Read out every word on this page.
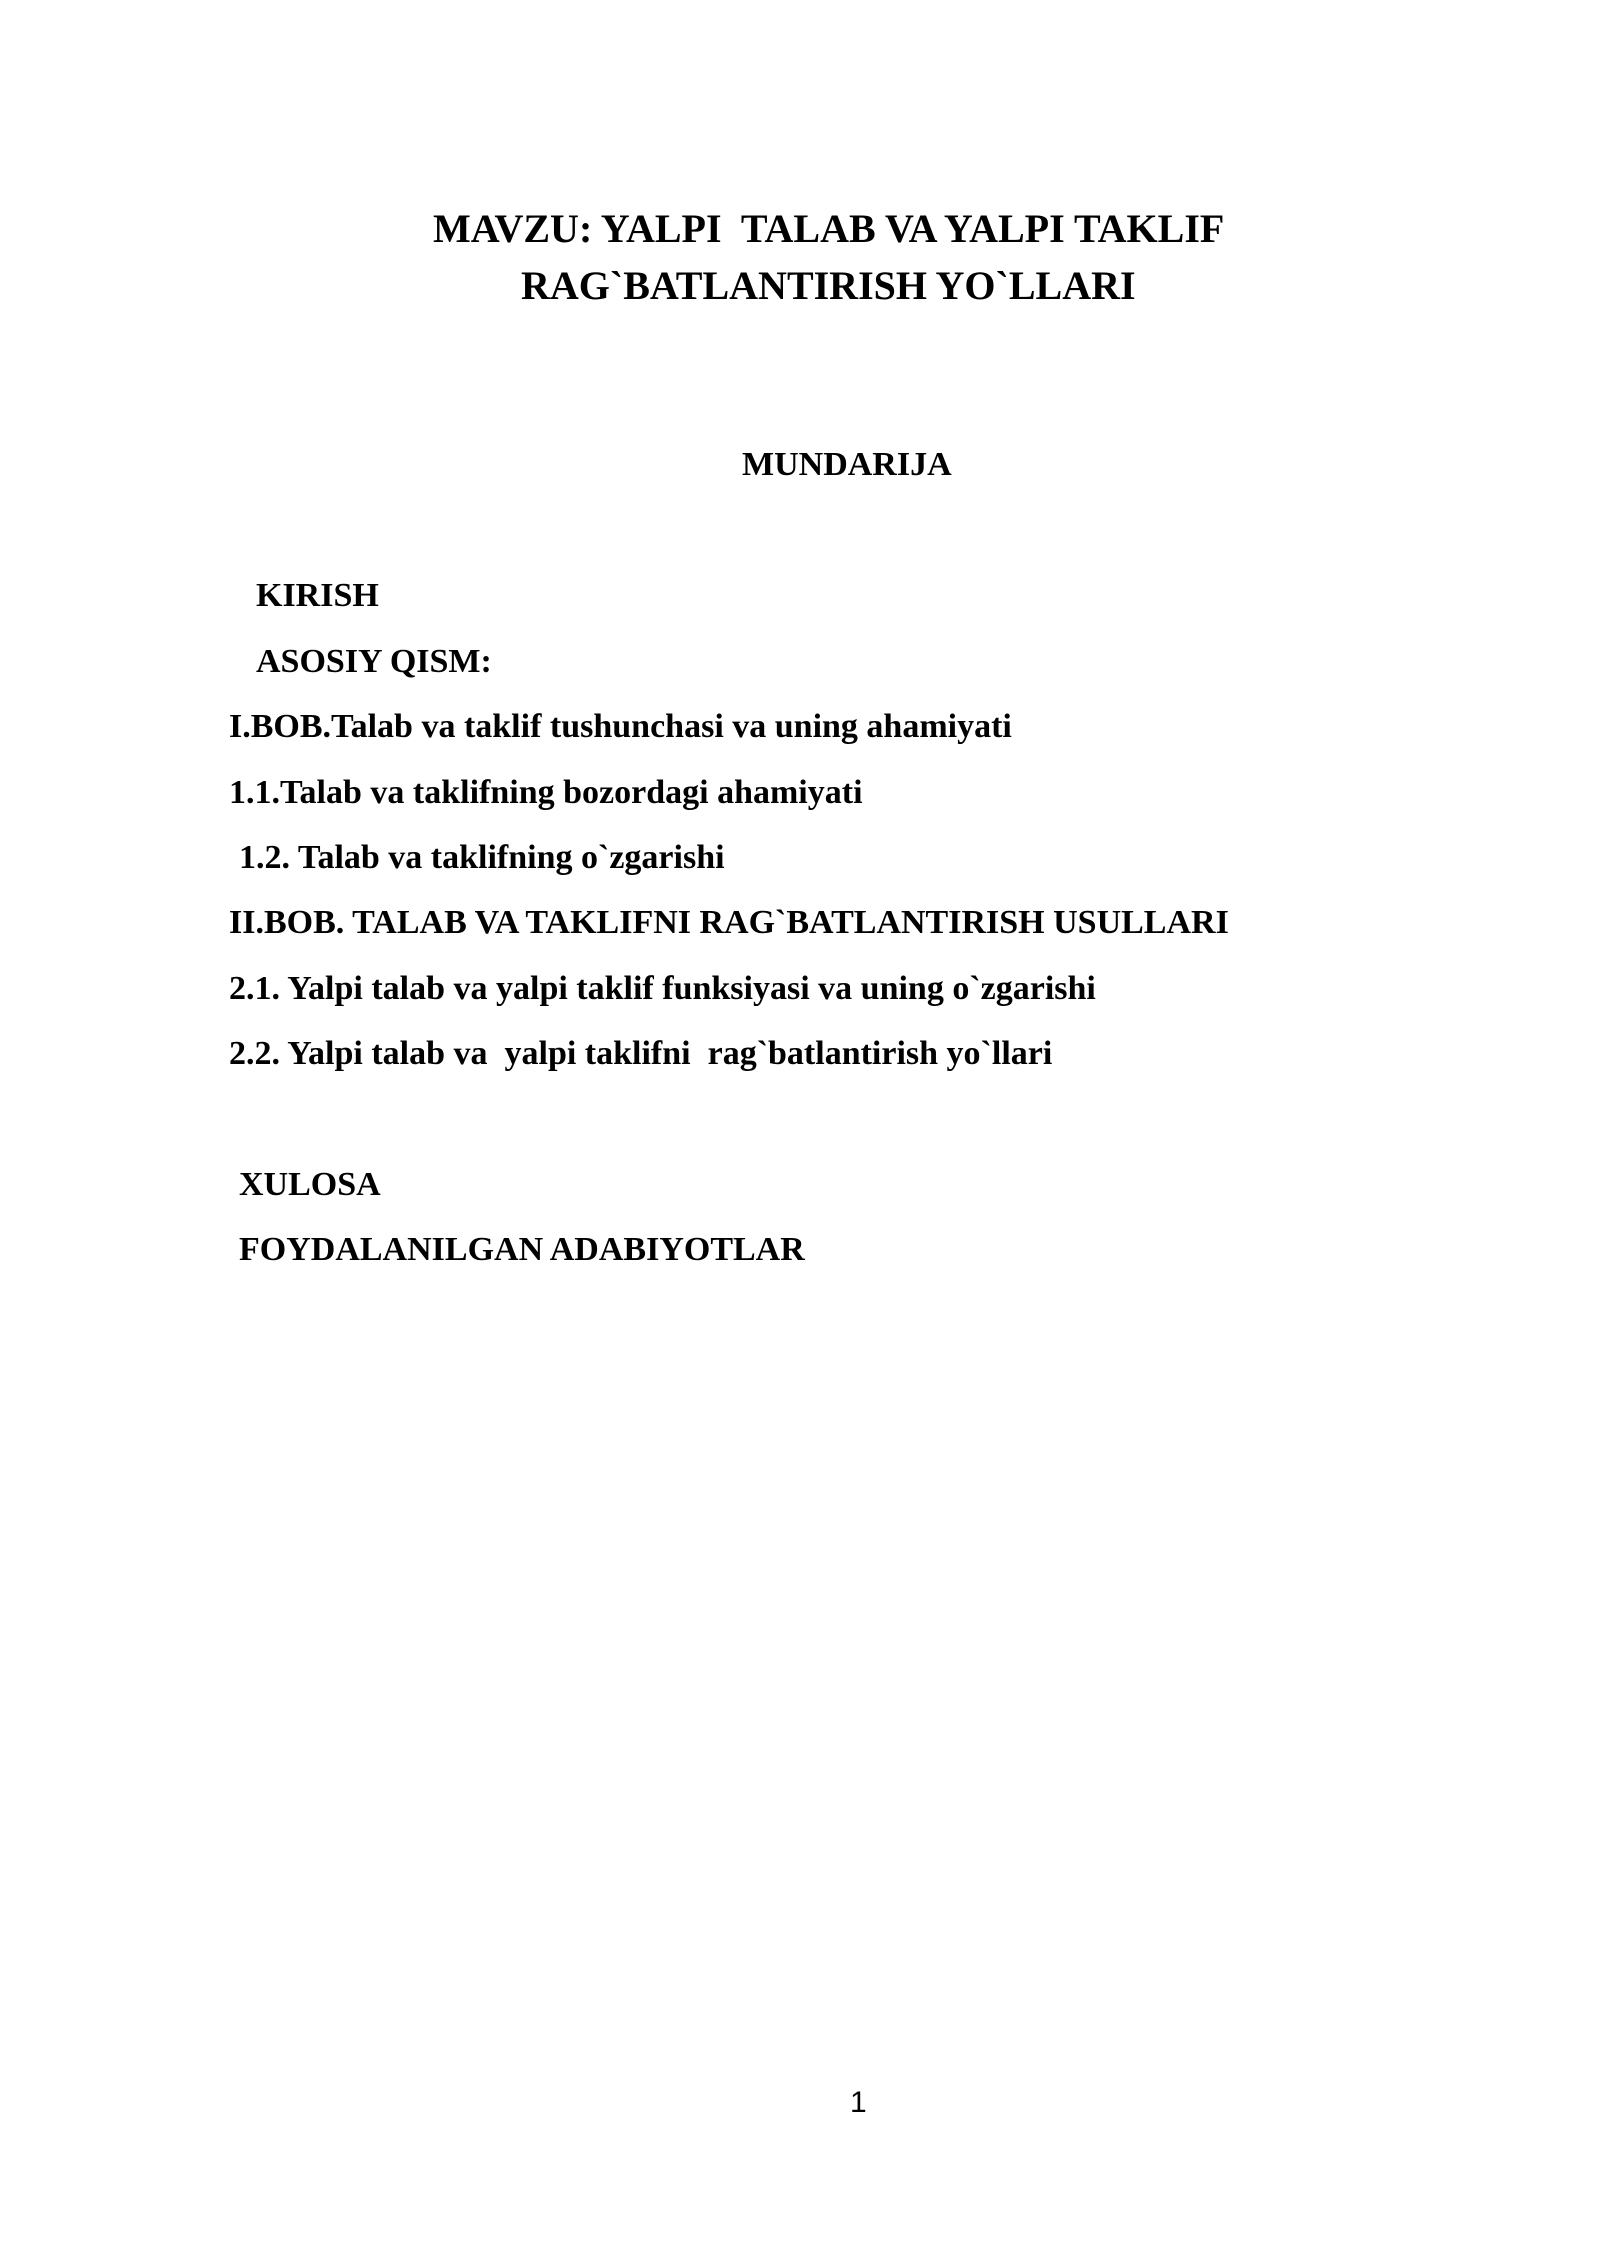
MAVZU: YALPI  TALAB VA YALPI TAKLIF
RAG`BATLANTIRISH YO`LLARI
MUNDARIJA
KIRISH
ASOSIY QISM:
I.BOB.Talab va taklif tushunchasi va uning ahamiyati
1.1.Talab va taklifning bozordagi ahamiyati
1.2. Talab va taklifning o`zgarishi
II.BOB. TALAB VA TAKLIFNI RAG`BATLANTIRISH USULLARI
2.1. Yalpi talab va yalpi taklif funksiyasi va uning o`zgarishi
2.2. Yalpi talab va  yalpi taklifni  rag`batlantirish yo`llari
XULOSA
FOYDALANILGAN ADABIYOTLAR
1
